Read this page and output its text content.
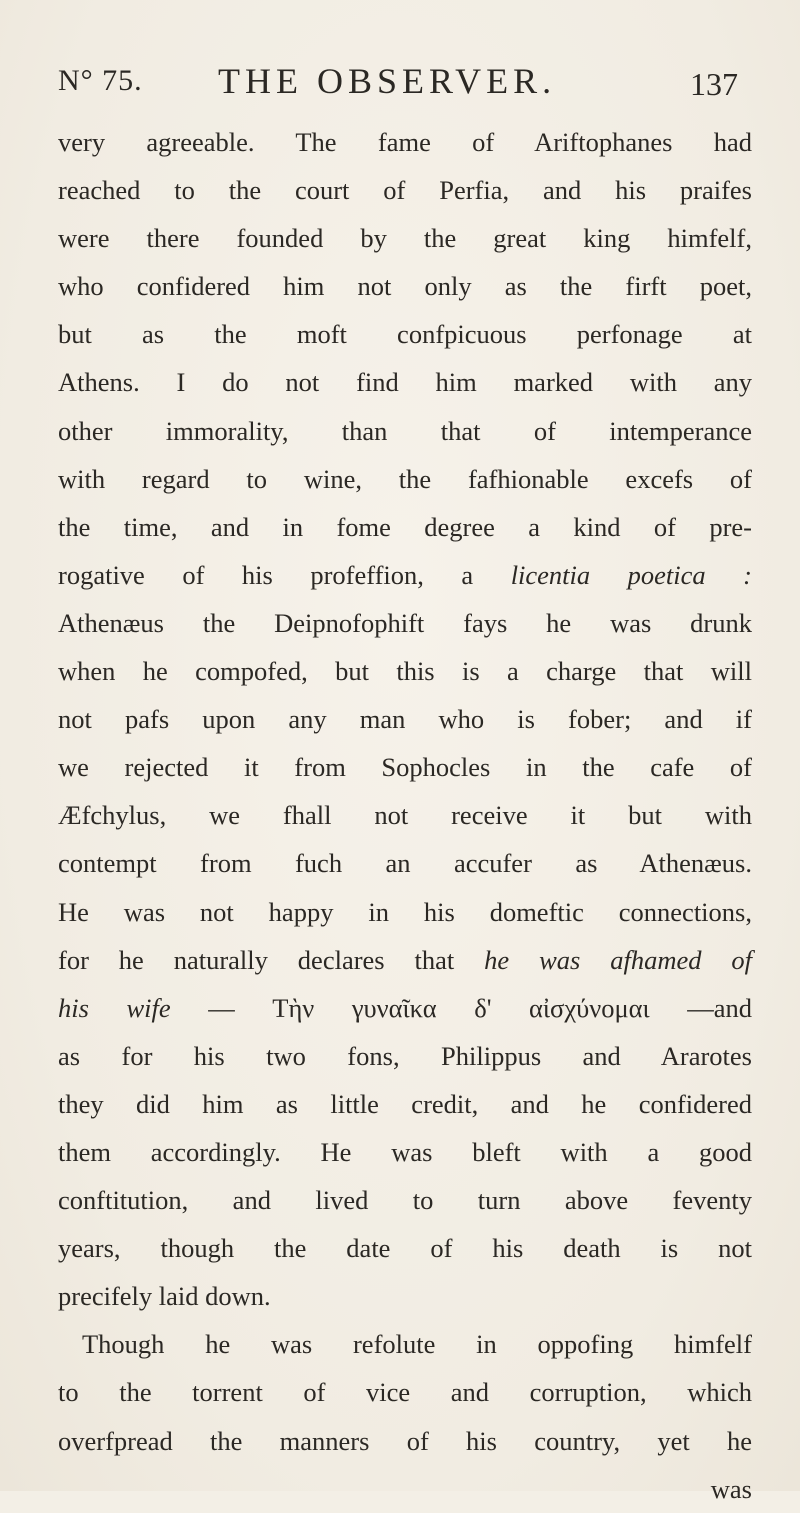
N° 75. THE OBSERVER.	137
very agreeable. The fame of Ariftophanes had
reached to the court of Perfia, and his praifes
were there founded by the great king himfelf,
who confidered him not only as the firft poet,
but as the moft confpicuous perfonage at
Athens. I do not find him marked with any
other immorality, than that of intemperance
with regard to wine, the fafhionable excefs of
the time, and in fome degree a kind of pre-
rogative of his profeffion, a licentia poetica :
Athenæus the Deipnofophift fays he was drunk
when he compofed, but this is a charge that will
not pafs upon any man who is fober; and if
we rejected it from Sophocles in the cafe of
Æfchylus, we fhall not receive it but with
contempt from fuch an accufer as Athenæus.
He was not happy in his domeftic connections,
for he naturally declares that he was afhamed of
his wife — Τὴν γυναῖκα δ' αἰσχύνομαι —and
as for his two fons, Philippus and Ararotes
they did him as little credit, and he confidered
them accordingly. He was bleft with a good
conftitution, and lived to turn above feventy
years, though the date of his death is not
precifely laid down.
Though he was refolute in oppofing himfelf
to the torrent of vice and corruption, which
overfpread the manners of his country, yet he
was
